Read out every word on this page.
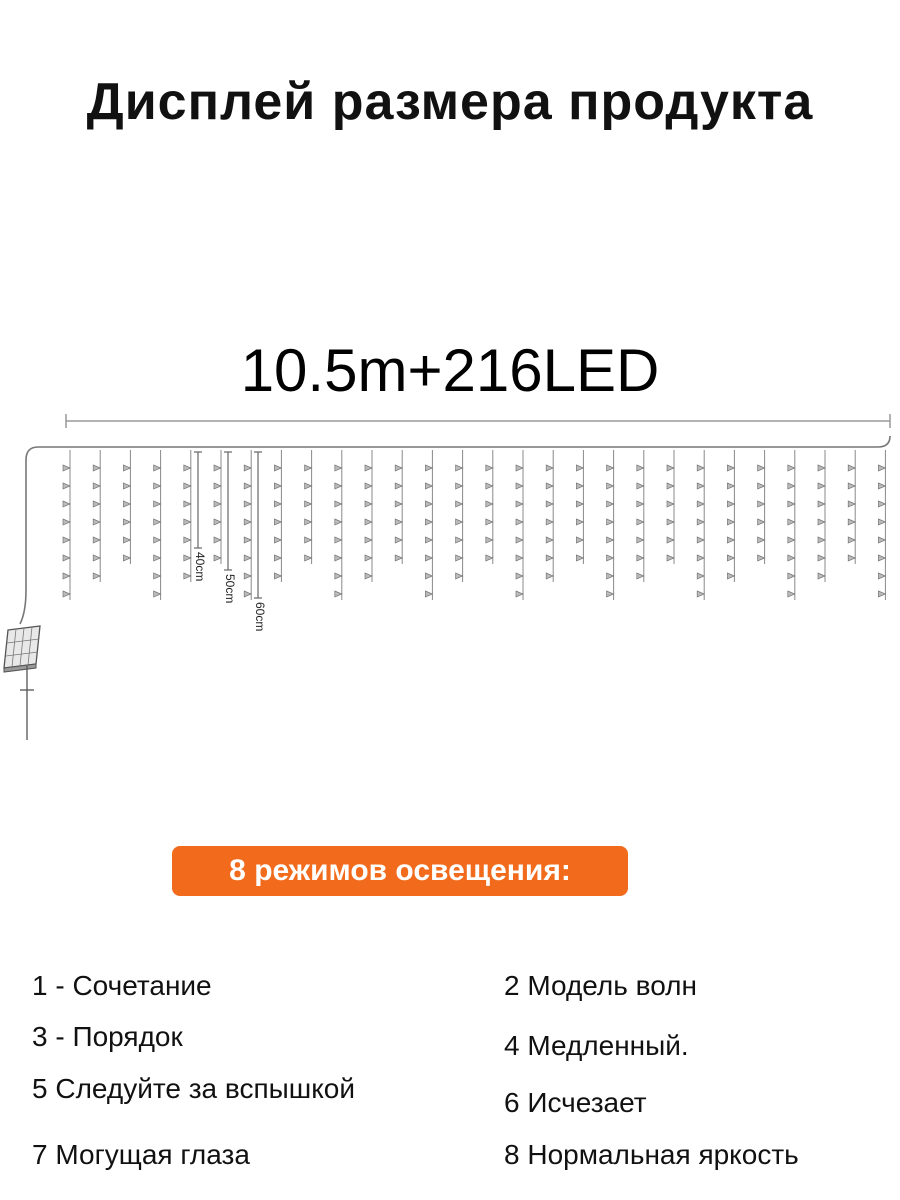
Дисплей размера продукта
10.5m+216LED
40cm
50cm
60cm
8 режимов освещения:
1 - Сочетание	2 Модель волн
3 - Порядок	4 Медленный.
5 Следуйте за вспышкой	6 Исчезает
7 Могущая глаза	8 Нормальная яркость
